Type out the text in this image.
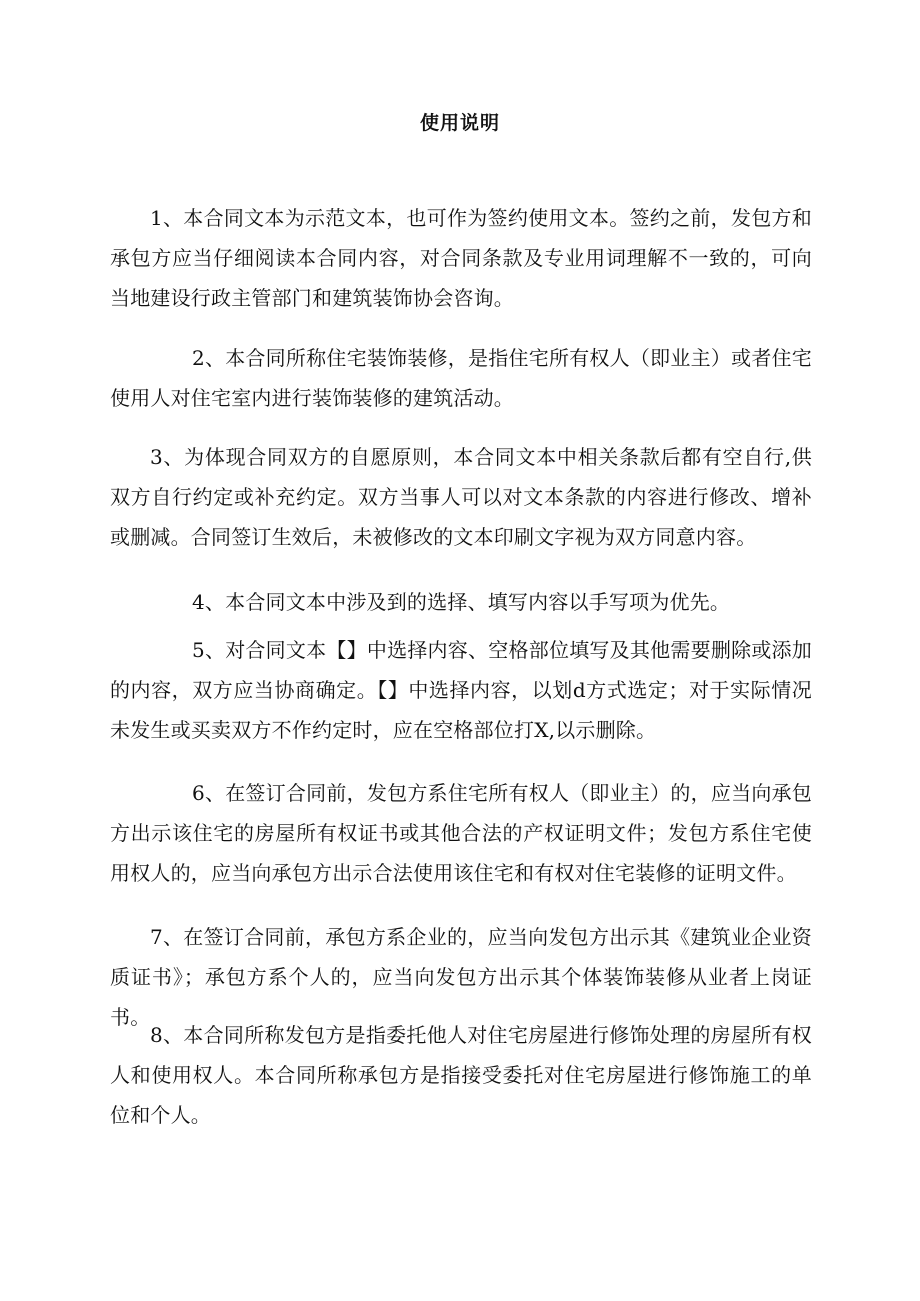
使用说明

1、本合同文本为示范文本，也可作为签约使用文本。签约之前，发包方和承包方应当仔细阅读本合同内容，对合同条款及专业用词理解不一致的，可向当地建设行政主管部门和建筑装饰协会咨询。

2、本合同所称住宅装饰装修，是指住宅所有权人（即业主）或者住宅使用人对住宅室内进行装饰装修的建筑活动。

3、为体现合同双方的自愿原则，本合同文本中相关条款后都有空自行,供双方自行约定或补充约定。双方当事人可以对文本条款的内容进行修改、增补或删减。合同签订生效后，未被修改的文本印刷文字视为双方同意内容。

4、本合同文本中涉及到的选择、填写内容以手写项为优先。

5、对合同文本【】中选择内容、空格部位填写及其他需要删除或添加的内容，双方应当协商确定。【】中选择内容，以划d方式选定；对于实际情况未发生或买卖双方不作约定时，应在空格部位打X,以示删除。

6、在签订合同前，发包方系住宅所有权人（即业主）的，应当向承包方出示该住宅的房屋所有权证书或其他合法的产权证明文件；发包方系住宅使用权人的，应当向承包方出示合法使用该住宅和有权对住宅装修的证明文件。

7、在签订合同前，承包方系企业的，应当向发包方出示其《建筑业企业资质证书》；承包方系个人的，应当向发包方出示其个体装饰装修从业者上岗证书。

8、本合同所称发包方是指委托他人对住宅房屋进行修饰处理的房屋所有权人和使用权人。本合同所称承包方是指接受委托对住宅房屋进行修饰施工的单位和个人。
